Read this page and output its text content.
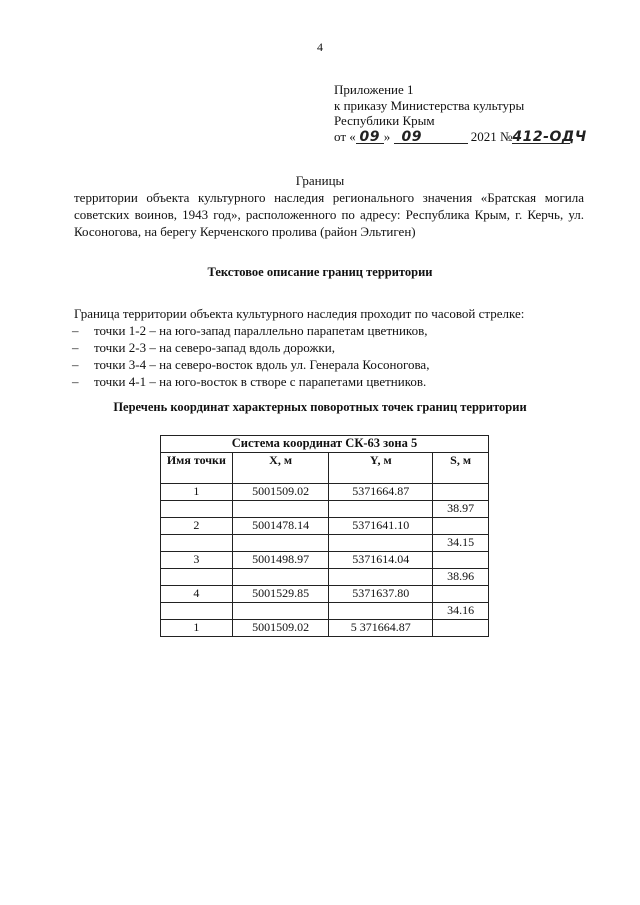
4
Приложение 1
к приказу Министерства культуры
Республики Крым
от « 09 » 09	2021 №412-ОДЧ
Границы
территории объекта культурного наследия регионального значения «Братская могила советских воинов, 1943 год», расположенного по адресу: Республика Крым, г. Керчь, ул. Косоногова, на берегу Керченского пролива (район Эльтиген)
Текстовое описание границ территории
Граница территории объекта культурного наследия проходит по часовой стрелке:
– точки 1-2 – на юго-запад параллельно парапетам цветников,
– точки 2-3 – на северо-запад вдоль дорожки,
– точки 3-4 – на северо-восток вдоль ул. Генерала Косоногова,
– точки 4-1 – на юго-восток в створе с парапетами цветников.
Перечень координат характерных поворотных точек границ территории
Система координат СК-63 зона 5			
Имя точки	X, м	Y, м	S, м
1	5001509.02	5371664.87	
			38.97
2	5001478.14	5371641.10	
			34.15
3	5001498.97	5371614.04	
			38.96
4	5001529.85	5371637.80	
			34.16
1	5001509.02	5 371664.87	
